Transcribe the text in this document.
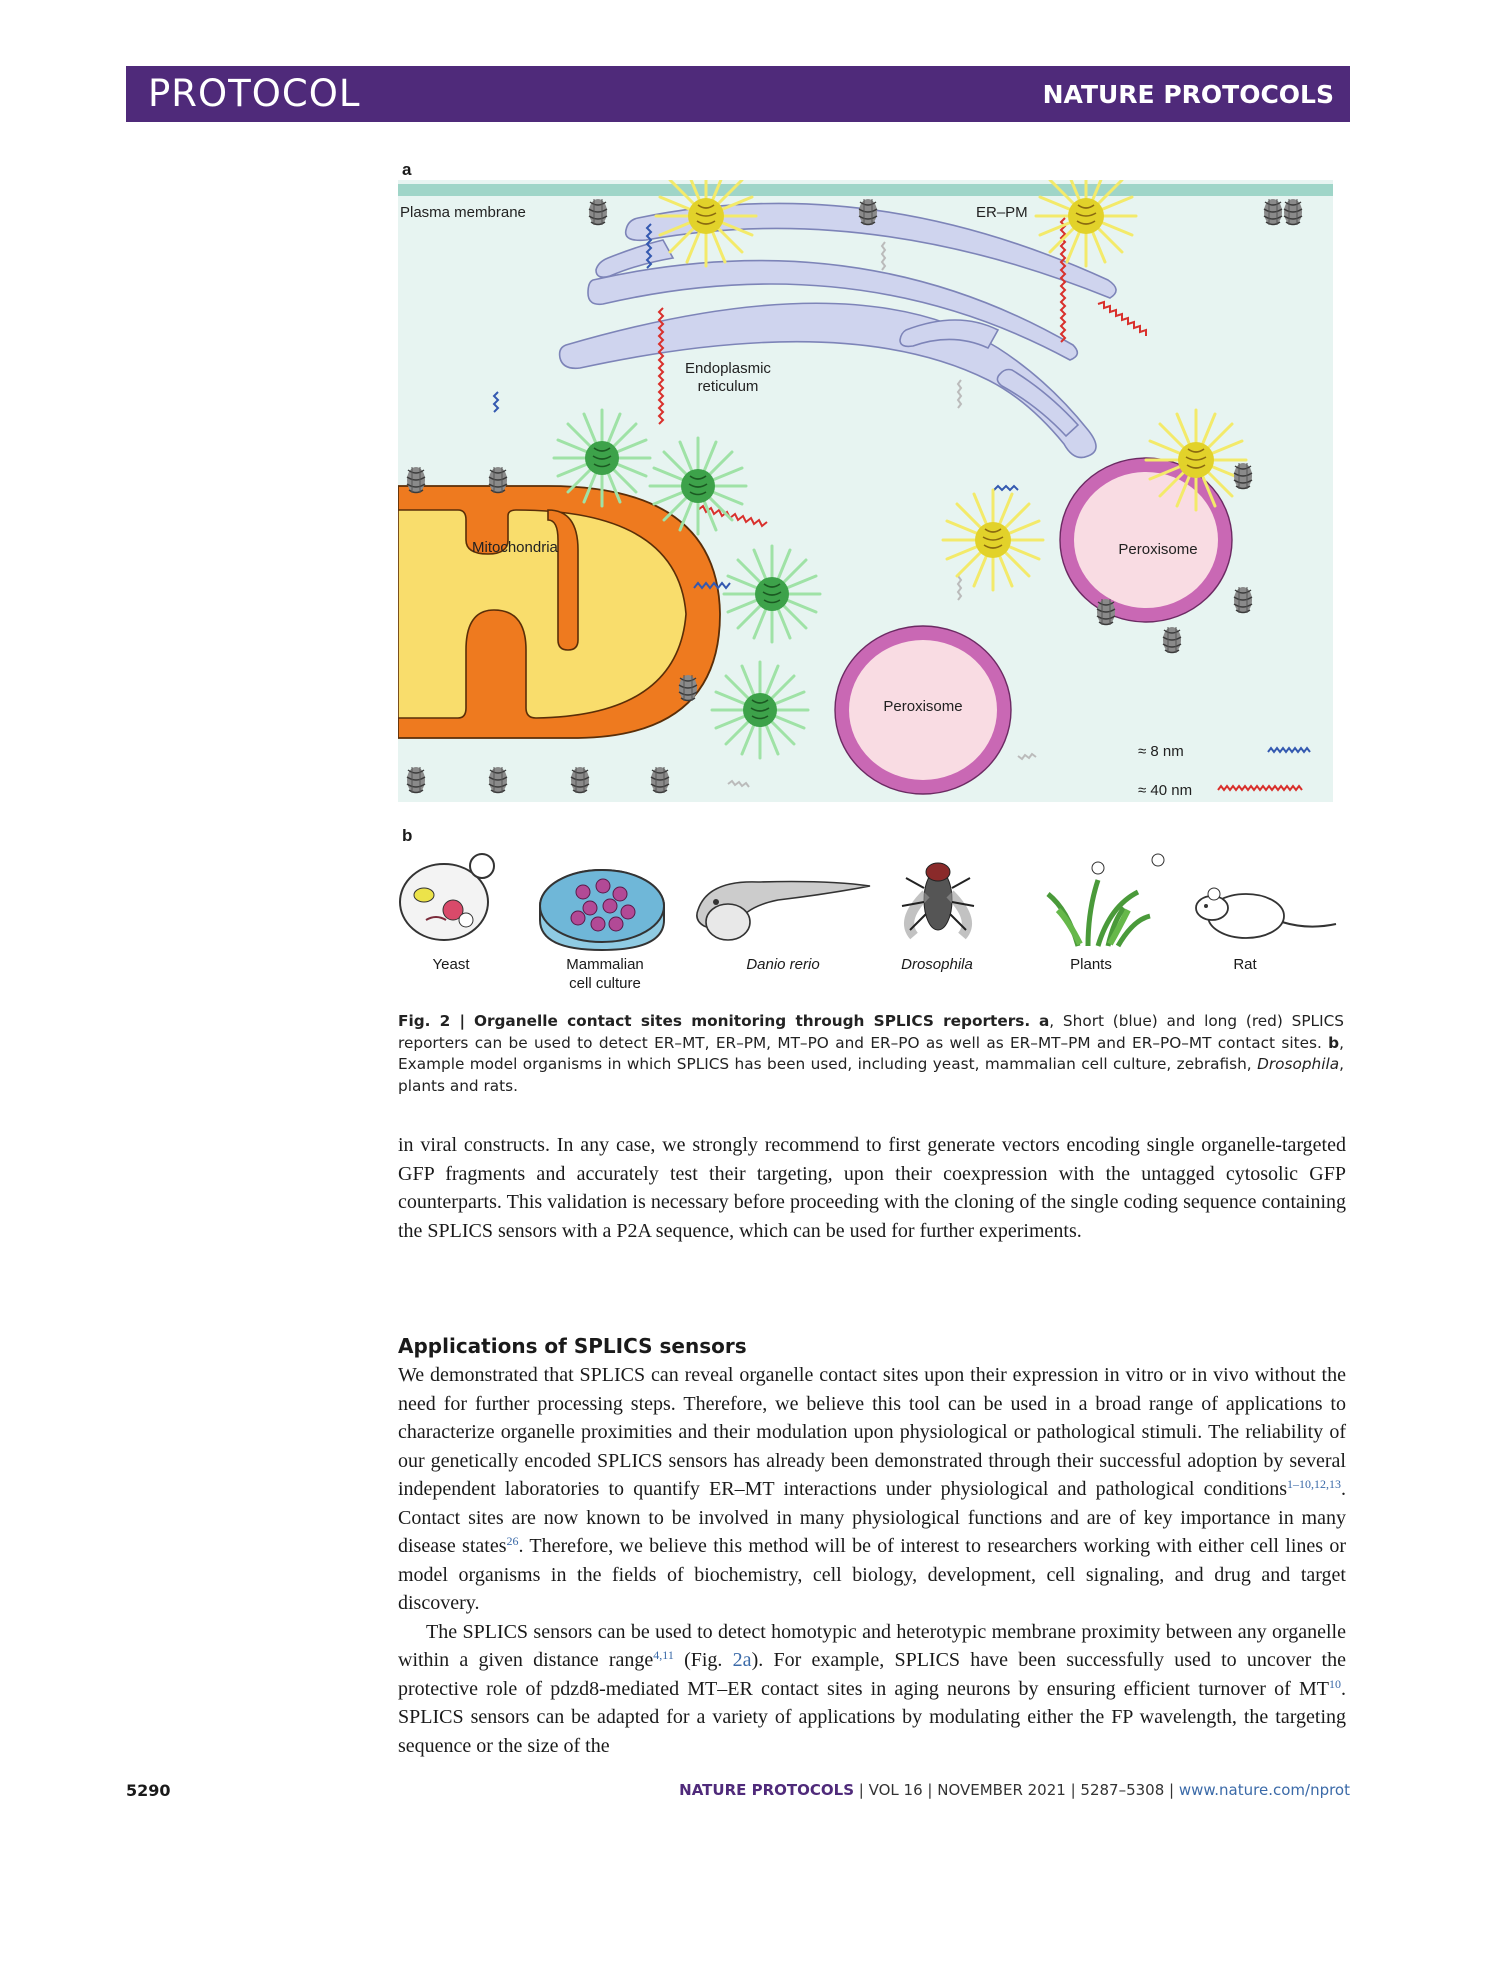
PROTOCOL	NATURE PROTOCOLS
a
b
Plasma membrane	ER–PM
Endoplasmic
reticulum
Mitochondria	Peroxisome
Peroxisome
≈ 8 nm
≈ 40 nm
Yeast	Mammalian
cell culture
Danio rerio	Drosophila	Plants	Rat
Fig. 2 | Organelle contact sites monitoring through SPLICS reporters. a, Short (blue) and long (red) SPLICS reporters can be used to detect ER–MT, ER–PM, MT–PO and ER–PO as well as ER–MT–PM and ER–PO–MT contact sites. b, Example model organisms in which SPLICS has been used, including yeast, mammalian cell culture, zebrafish, Drosophila, plants and rats.

in viral constructs. In any case, we strongly recommend to first generate vectors encoding single organelle-targeted GFP fragments and accurately test their targeting, upon their coexpression with the untagged cytosolic GFP counterparts. This validation is necessary before proceeding with the cloning of the single coding sequence containing the SPLICS sensors with a P2A sequence, which can be used for further experiments.

Applications of SPLICS sensors

We demonstrated that SPLICS can reveal organelle contact sites upon their expression in vitro or in vivo without the need for further processing steps. Therefore, we believe this tool can be used in a broad range of applications to characterize organelle proximities and their modulation upon physiological or pathological stimuli. The reliability of our genetically encoded SPLICS sensors has already been demonstrated through their successful adoption by several independent laboratories to quantify ER–MT interactions under physiological and pathological conditions$^{1-10,12,13}$. Contact sites are now known to be involved in many physiological functions and are of key importance in many disease states$^{26}$. Therefore, we believe this method will be of interest to researchers working with either cell lines or model organisms in the fields of biochemistry, cell biology, development, cell signaling, and drug and target discovery.

The SPLICS sensors can be used to detect homotypic and heterotypic membrane proximity between any organelle within a given distance range$^{4,11}$ (Fig. 2a). For example, SPLICS have been successfully used to uncover the protective role of pdzd8-mediated MT–ER contact sites in aging neurons by ensuring efficient turnover of MT$^{10}$. SPLICS sensors can be adapted for a variety of applications by modulating either the FP wavelength, the targeting sequence or the size of the

5290	NATURE PROTOCOLS | VOL 16 | NOVEMBER 2021 | 5287–5308 | www.nature.com/nprot
